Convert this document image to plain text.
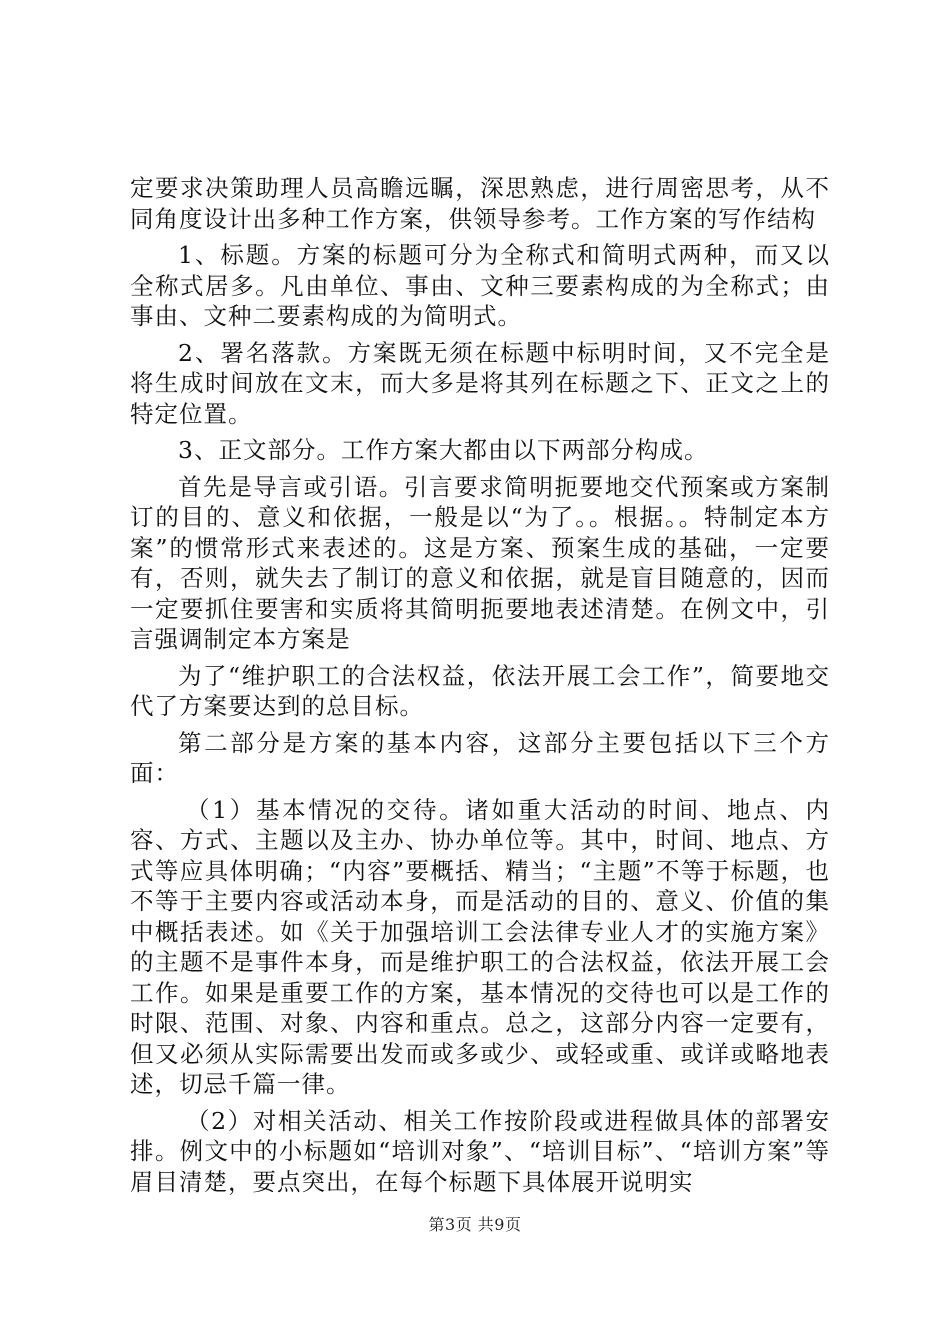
定要求决策助理人员高瞻远瞩，深思熟虑，进行周密思考，从不同角度设计出多种工作方案，供领导参考。工作方案的写作结构

1、标题。方案的标题可分为全称式和简明式两种，而又以全称式居多。凡由单位、事由、文种三要素构成的为全称式；由事由、文种二要素构成的为简明式。

2、署名落款。方案既无须在标题中标明时间，又不完全是将生成时间放在文末，而大多是将其列在标题之下、正文之上的特定位置。

3、正文部分。工作方案大都由以下两部分构成。

首先是导言或引语。引言要求简明扼要地交代预案或方案制订的目的、意义和依据，一般是以“为了。。根据。。特制定本方案”的惯常形式来表述的。这是方案、预案生成的基础，一定要有，否则，就失去了制订的意义和依据，就是盲目随意的，因而一定要抓住要害和实质将其简明扼要地表述清楚。在例文中，引言强调制定本方案是

为了“维护职工的合法权益，依法开展工会工作”，简要地交代了方案要达到的总目标。

第二部分是方案的基本内容，这部分主要包括以下三个方面：

（1）基本情况的交待。诸如重大活动的时间、地点、内容、方式、主题以及主办、协办单位等。其中，时间、地点、方式等应具体明确；“内容”要概括、精当；“主题”不等于标题，也不等于主要内容或活动本身，而是活动的目的、意义、价值的集中概括表述。如《关于加强培训工会法律专业人才的实施方案》的主题不是事件本身，而是维护职工的合法权益，依法开展工会工作。如果是重要工作的方案，基本情况的交待也可以是工作的时限、范围、对象、内容和重点。总之，这部分内容一定要有，但又必须从实际需要出发而或多或少、或轻或重、或详或略地表述，切忌千篇一律。

（2）对相关活动、相关工作按阶段或进程做具体的部署安排。例文中的小标题如“培训对象”、“培训目标”、“培训方案”等眉目清楚，要点突出，在每个标题下具体展开说明实

第3页 共9页
